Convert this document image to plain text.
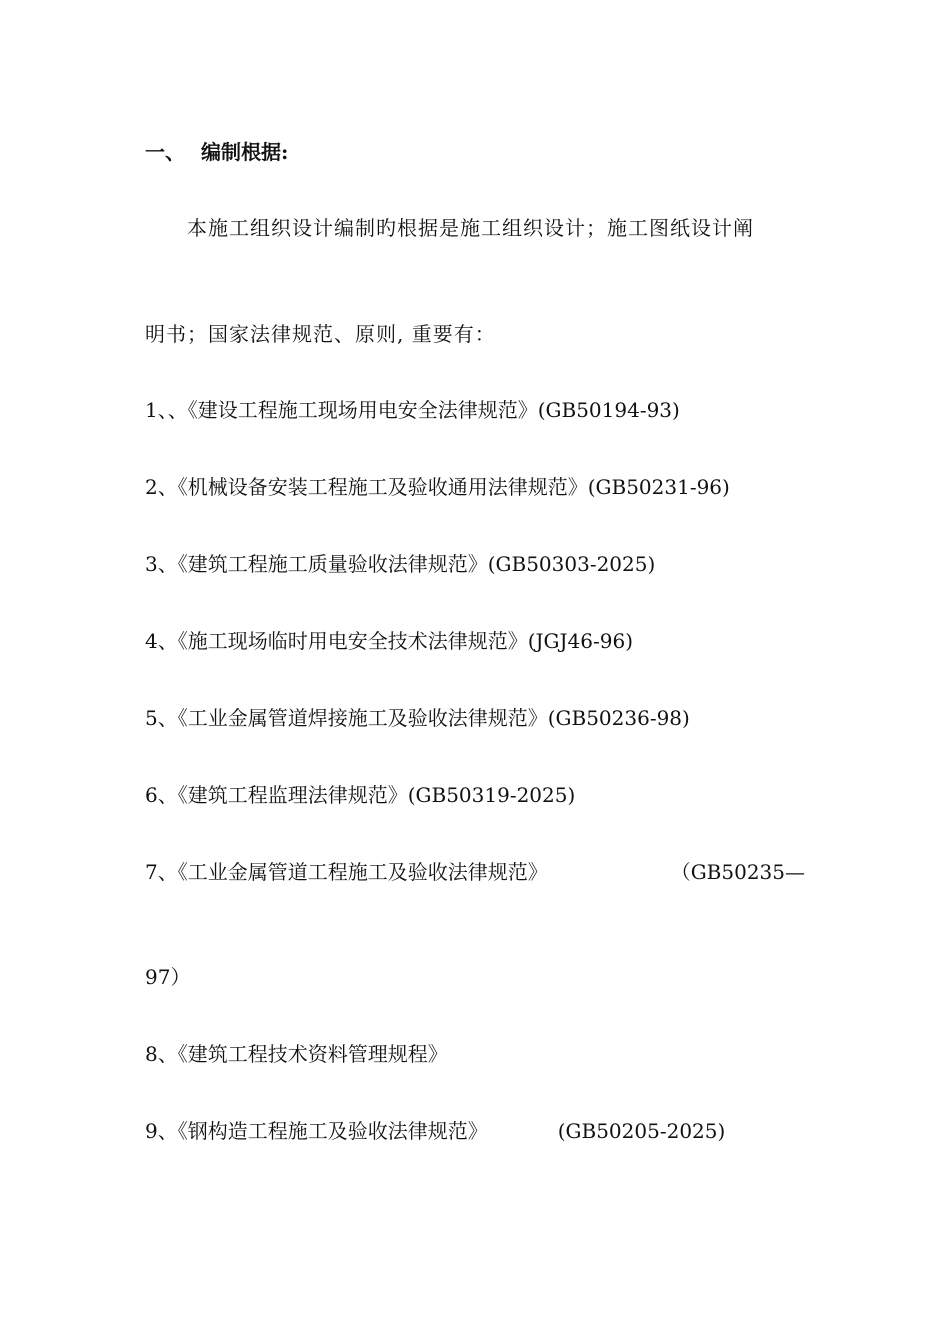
一、 编制根据:
本施工组织设计编制旳根据是施工组织设计；施工图纸设计阐
明书；国家法律规范、原则, 重要有：
1、、《建设工程施工现场用电安全法律规范》(GB50194-93)
2、《机械设备安装工程施工及验收通用法律规范》(GB50231-96)
3、《建筑工程施工质量验收法律规范》(GB50303-2025)
4、《施工现场临时用电安全技术法律规范》(JGJ46-96)
5、《工业金属管道焊接施工及验收法律规范》(GB50236-98)
6、《建筑工程监理法律规范》(GB50319-2025)
7、《工业金属管道工程施工及验收法律规范》	（GB50235—
97）
8、《建筑工程技术资料管理规程》
9、《钢构造工程施工及验收法律规范》	(GB50205-2025)
